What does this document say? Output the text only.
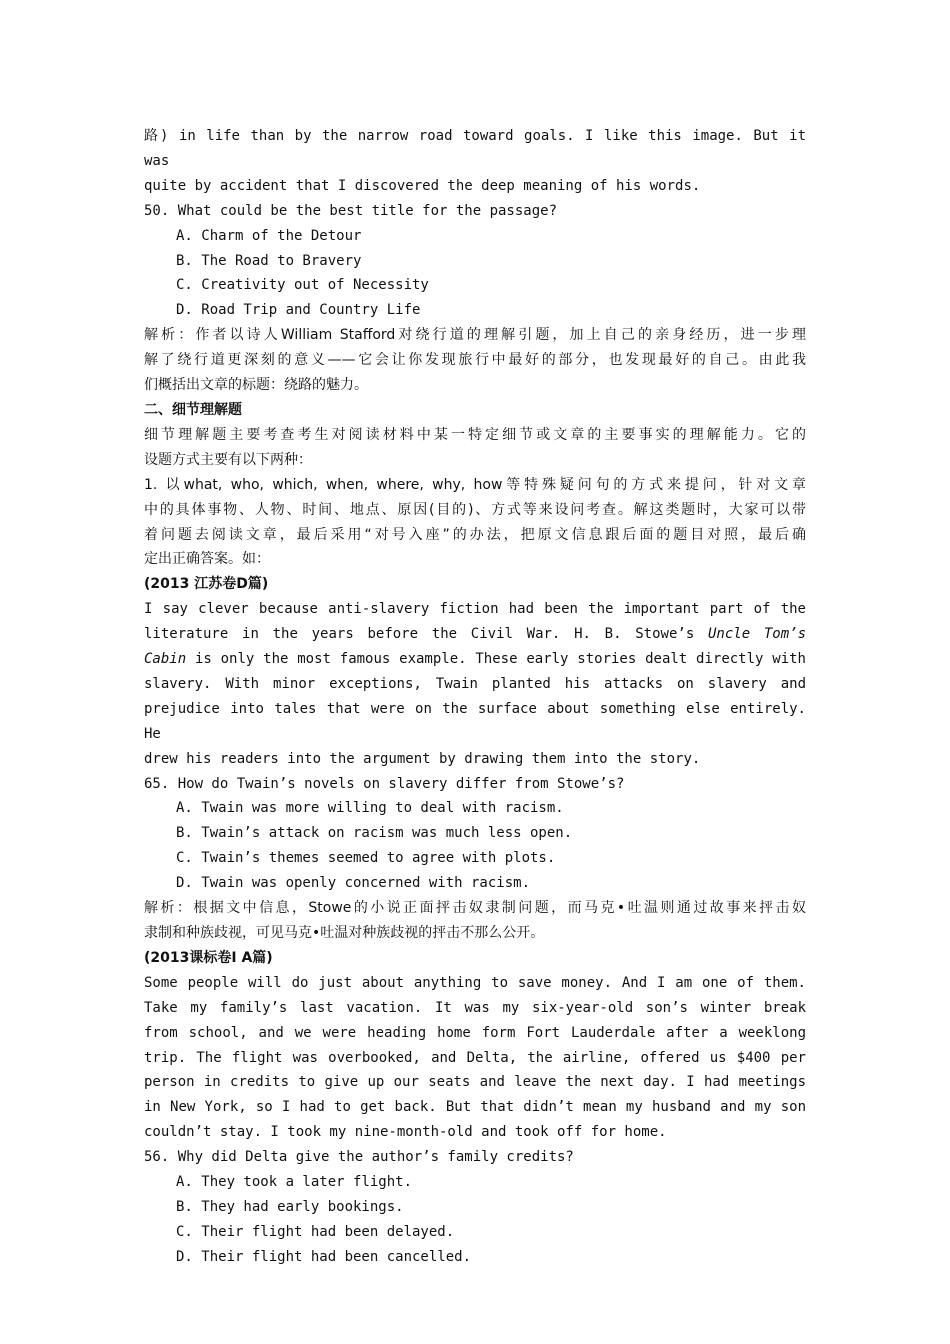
路) in life than by the narrow road toward goals. I like this image. But it was
quite by accident that I discovered the deep meaning of his words.
50. What could be the best title for the passage?
A. Charm of the Detour
B. The Road to Bravery
C. Creativity out of Necessity
D. Road Trip and Country Life
解析：作者以诗人William Stafford对绕行道的理解引题，加上自己的亲身经历，进一步理
解了绕行道更深刻的意义——它会让你发现旅行中最好的部分，也发现最好的自己。由此我
们概括出文章的标题：绕路的魅力。
二、细节理解题
细节理解题主要考查考生对阅读材料中某一特定细节或文章的主要事实的理解能力。它的
设题方式主要有以下两种：
1. 以what, who, which, when, where, why, how等特殊疑问句的方式来提问，针对文章
中的具体事物、人物、时间、地点、原因(目的)、方式等来设问考查。解这类题时，大家可以带
着问题去阅读文章，最后采用“对号入座”的办法，把原文信息跟后面的题目对照，最后确
定出正确答案。如：
(2013 江苏卷D篇)
I say clever because anti-slavery fiction had been the important part of the
literature in the years before the Civil War. H. B. Stowe’s Uncle Tom’s
Cabin is only the most famous example. These early stories dealt directly with
slavery. With minor exceptions, Twain planted his attacks on slavery and
prejudice into tales that were on the surface about something else entirely. He
drew his readers into the argument by drawing them into the story.
65. How do Twain’s novels on slavery differ from Stowe’s?
A. Twain was more willing to deal with racism.
B. Twain’s attack on racism was much less open.
C. Twain’s themes seemed to agree with plots.
D. Twain was openly concerned with racism.
解析：根据文中信息，Stowe的小说正面抨击奴隶制问题，而马克•吐温则通过故事来抨击奴
隶制和种族歧视，可见马克•吐温对种族歧视的抨击不那么公开。
(2013课标卷Ⅰ A篇)
Some people will do just about anything to save money. And I am one of them.
Take my family’s last vacation. It was my six-year-old son’s winter break
from school, and we were heading home form Fort Lauderdale after a weeklong
trip. The flight was overbooked, and Delta, the airline, offered us $400 per
person in credits to give up our seats and leave the next day. I had meetings
in New York, so I had to get back. But that didn’t mean my husband and my son
couldn’t stay. I took my nine-month-old and took off for home.
56. Why did Delta give the author’s family credits?
A. They took a later flight.
B. They had early bookings.
C. Their flight had been delayed.
D. Their flight had been cancelled.
